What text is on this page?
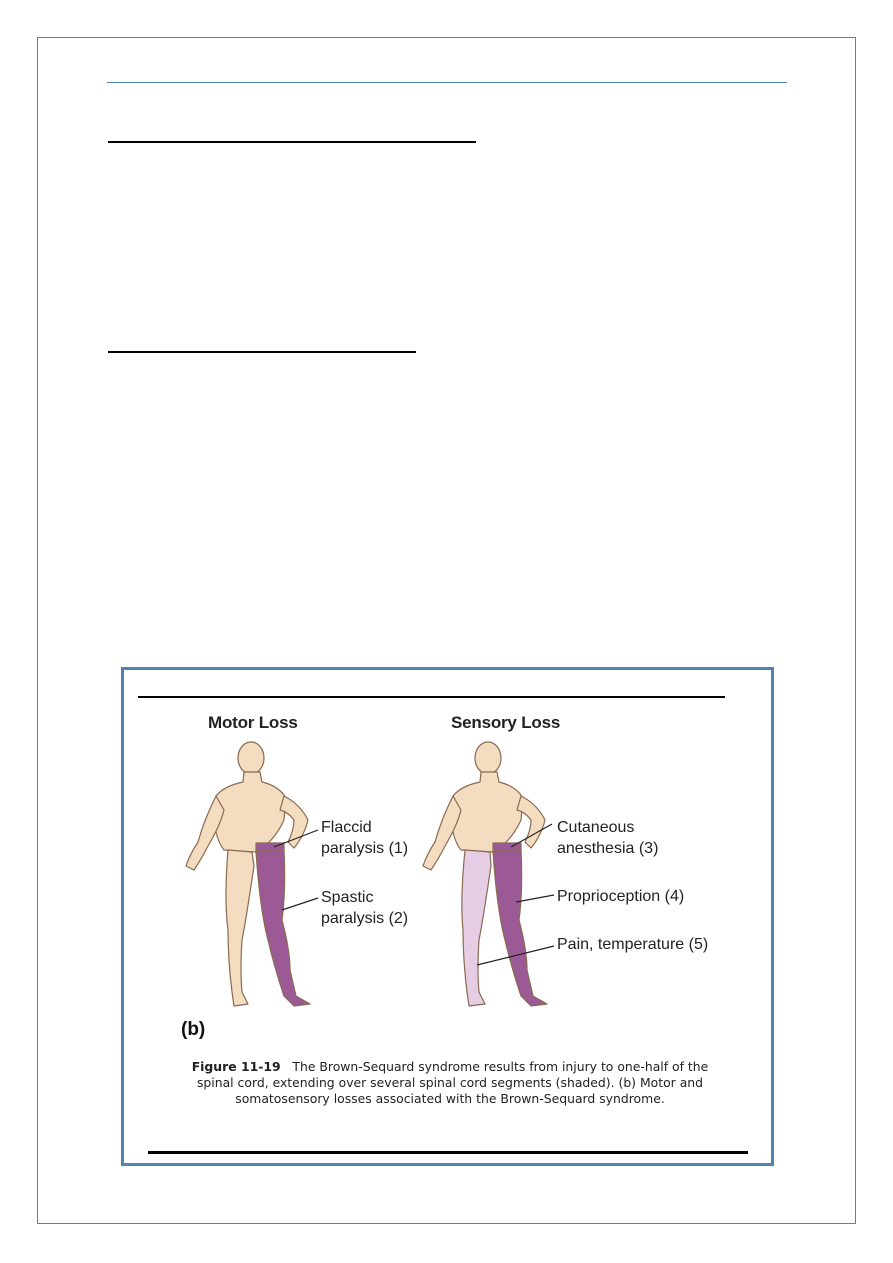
Motor Loss	Sensory Loss
Flaccid
paralysis (1)
Spastic
paralysis (2)
Cutaneous
anesthesia (3)
Proprioception (4)
Pain, temperature (5)
(b)
Figure 11-19 The Brown-Sequard syndrome results from injury to one-half of the spinal cord, extending over several spinal cord segments (shaded). (b) Motor and somatosensory losses associated with the Brown-Sequard syndrome.
